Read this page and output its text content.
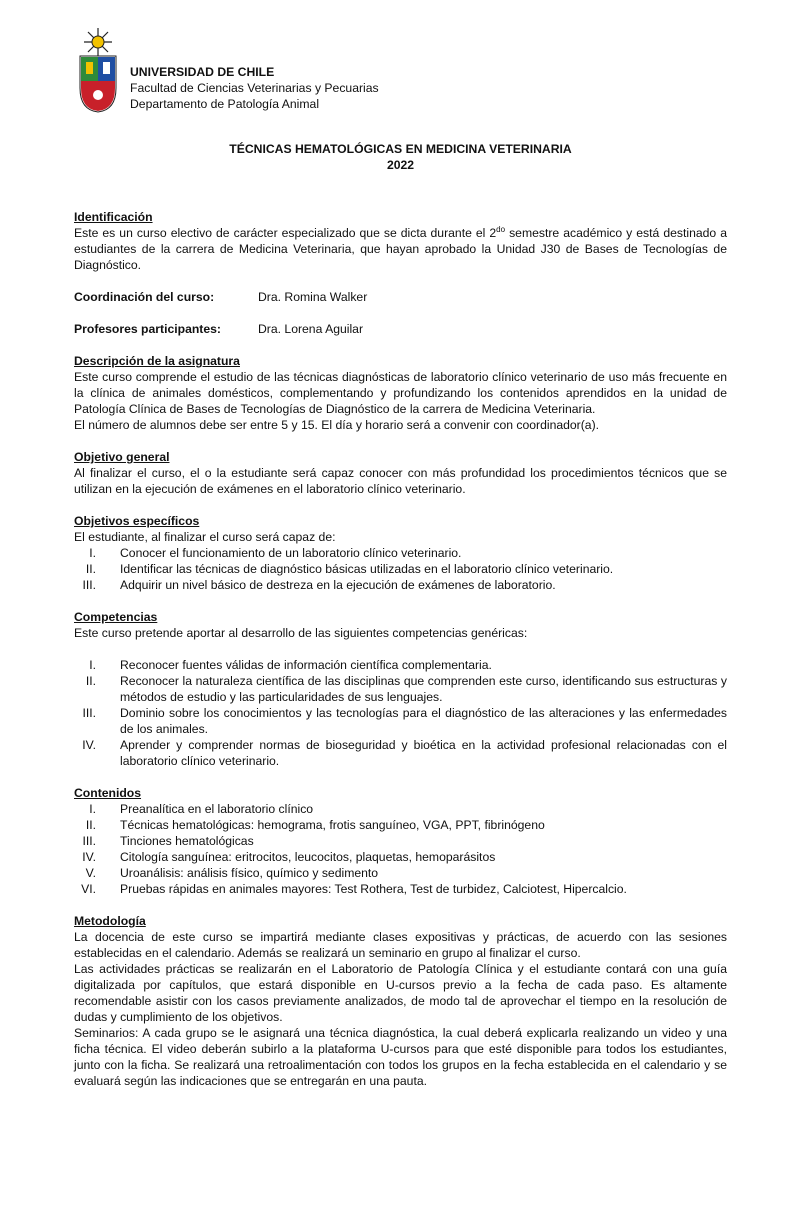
UNIVERSIDAD DE CHILE
Facultad de Ciencias Veterinarias y Pecuarias
Departamento de Patología Animal
TÉCNICAS HEMATOLÓGICAS EN MEDICINA VETERINARIA
2022
Identificación
Este es un curso electivo de carácter especializado que se dicta durante el $2^{do}$ semestre académico y está destinado a estudiantes de la carrera de Medicina Veterinaria, que hayan aprobado la Unidad J30 de Bases de Tecnologías de Diagnóstico.
Coordinación del curso:	Dra. Romina Walker
Profesores participantes:	Dra. Lorena Aguilar
Descripción de la asignatura
Este curso comprende el estudio de las técnicas diagnósticas de laboratorio clínico veterinario de uso más frecuente en la clínica de animales domésticos, complementando y profundizando los contenidos aprendidos en la unidad de Patología Clínica de Bases de Tecnologías de Diagnóstico de la carrera de Medicina Veterinaria.
El número de alumnos debe ser entre 5 y 15. El día y horario será a convenir con coordinador(a).
Objetivo general
Al finalizar el curso, el o la estudiante será capaz conocer con más profundidad los procedimientos técnicos que se utilizan en la ejecución de exámenes en el laboratorio clínico veterinario.
Objetivos específicos
El estudiante, al finalizar el curso será capaz de:
I.	Conocer el funcionamiento de un laboratorio clínico veterinario.
II.	Identificar las técnicas de diagnóstico básicas utilizadas en el laboratorio clínico veterinario.
III.	Adquirir un nivel básico de destreza en la ejecución de exámenes de laboratorio.
Competencias
Este curso pretende aportar al desarrollo de las siguientes competencias genéricas:
I.	Reconocer fuentes válidas de información científica complementaria.
II.	Reconocer la naturaleza científica de las disciplinas que comprenden este curso, identificando sus estructuras y métodos de estudio y las particularidades de sus lenguajes.
III.	Dominio sobre los conocimientos y las tecnologías para el diagnóstico de las alteraciones y las enfermedades de los animales.
IV.	Aprender y comprender normas de bioseguridad y bioética en la actividad profesional relacionadas con el laboratorio clínico veterinario.
Contenidos
I.	Preanalítica en el laboratorio clínico
II.	Técnicas hematológicas: hemograma, frotis sanguíneo, VGA, PPT, fibrinógeno
III.	Tinciones hematológicas
IV.	Citología sanguínea: eritrocitos, leucocitos, plaquetas, hemoparásitos
V.	Uroanálisis: análisis físico, químico y sedimento
VI.	Pruebas rápidas en animales mayores: Test Rothera, Test de turbidez, Calciotest, Hipercalcio.
Metodología
La docencia de este curso se impartirá mediante clases expositivas y prácticas, de acuerdo con las sesiones establecidas en el calendario. Además se realizará un seminario en grupo al finalizar el curso.
Las actividades prácticas se realizarán en el Laboratorio de Patología Clínica y el estudiante contará con una guía digitalizada por capítulos, que estará disponible en U-cursos previo a la fecha de cada paso. Es altamente recomendable asistir con los casos previamente analizados, de modo tal de aprovechar el tiempo en la resolución de dudas y cumplimiento de los objetivos.
Seminarios: A cada grupo se le asignará una técnica diagnóstica, la cual deberá explicarla realizando un video y una ficha técnica. El video deberán subirlo a la plataforma U-cursos para que esté disponible para todos los estudiantes, junto con la ficha. Se realizará una retroalimentación con todos los grupos en la fecha establecida en el calendario y se evaluará según las indicaciones que se entregarán en una pauta.
